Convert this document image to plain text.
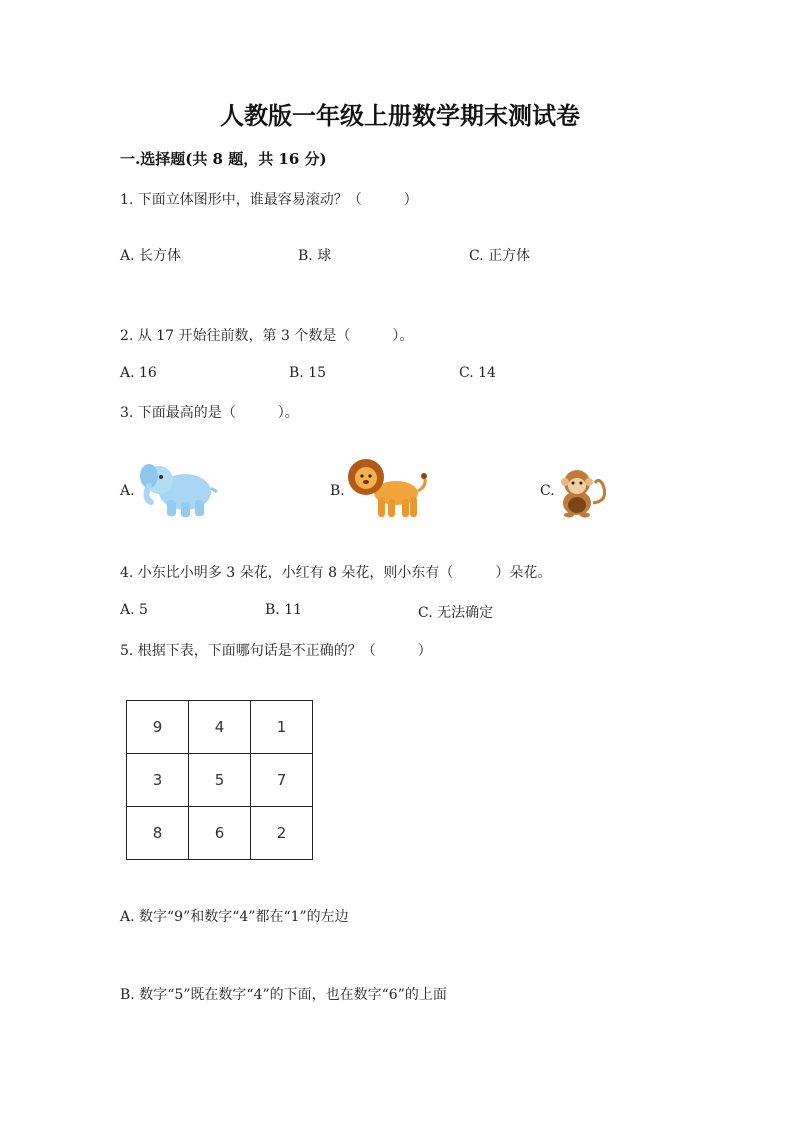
人教版一年级上册数学期末测试卷
一.选择题(共 8 题，共 16 分)
1. 下面立体图形中，谁最容易滚动？（　　　）
A. 长方体	B. 球	C. 正方体
2. 从 17 开始往前数，第 3 个数是（　　　）。
A. 16	B. 15	C. 14
3. 下面最高的是（　　　）。
A.	B.	C.
4. 小东比小明多 3 朵花，小红有 8 朵花，则小东有（　　　）朵花。
A. 5	B. 11	C. 无法确定
5. 根据下表，下面哪句话是不正确的？（　　　）
9	4	1
3	5	7
8	6	2
A. 数字“9”和数字“4”都在“1”的左边
B. 数字“5”既在数字“4”的下面，也在数字“6”的上面
